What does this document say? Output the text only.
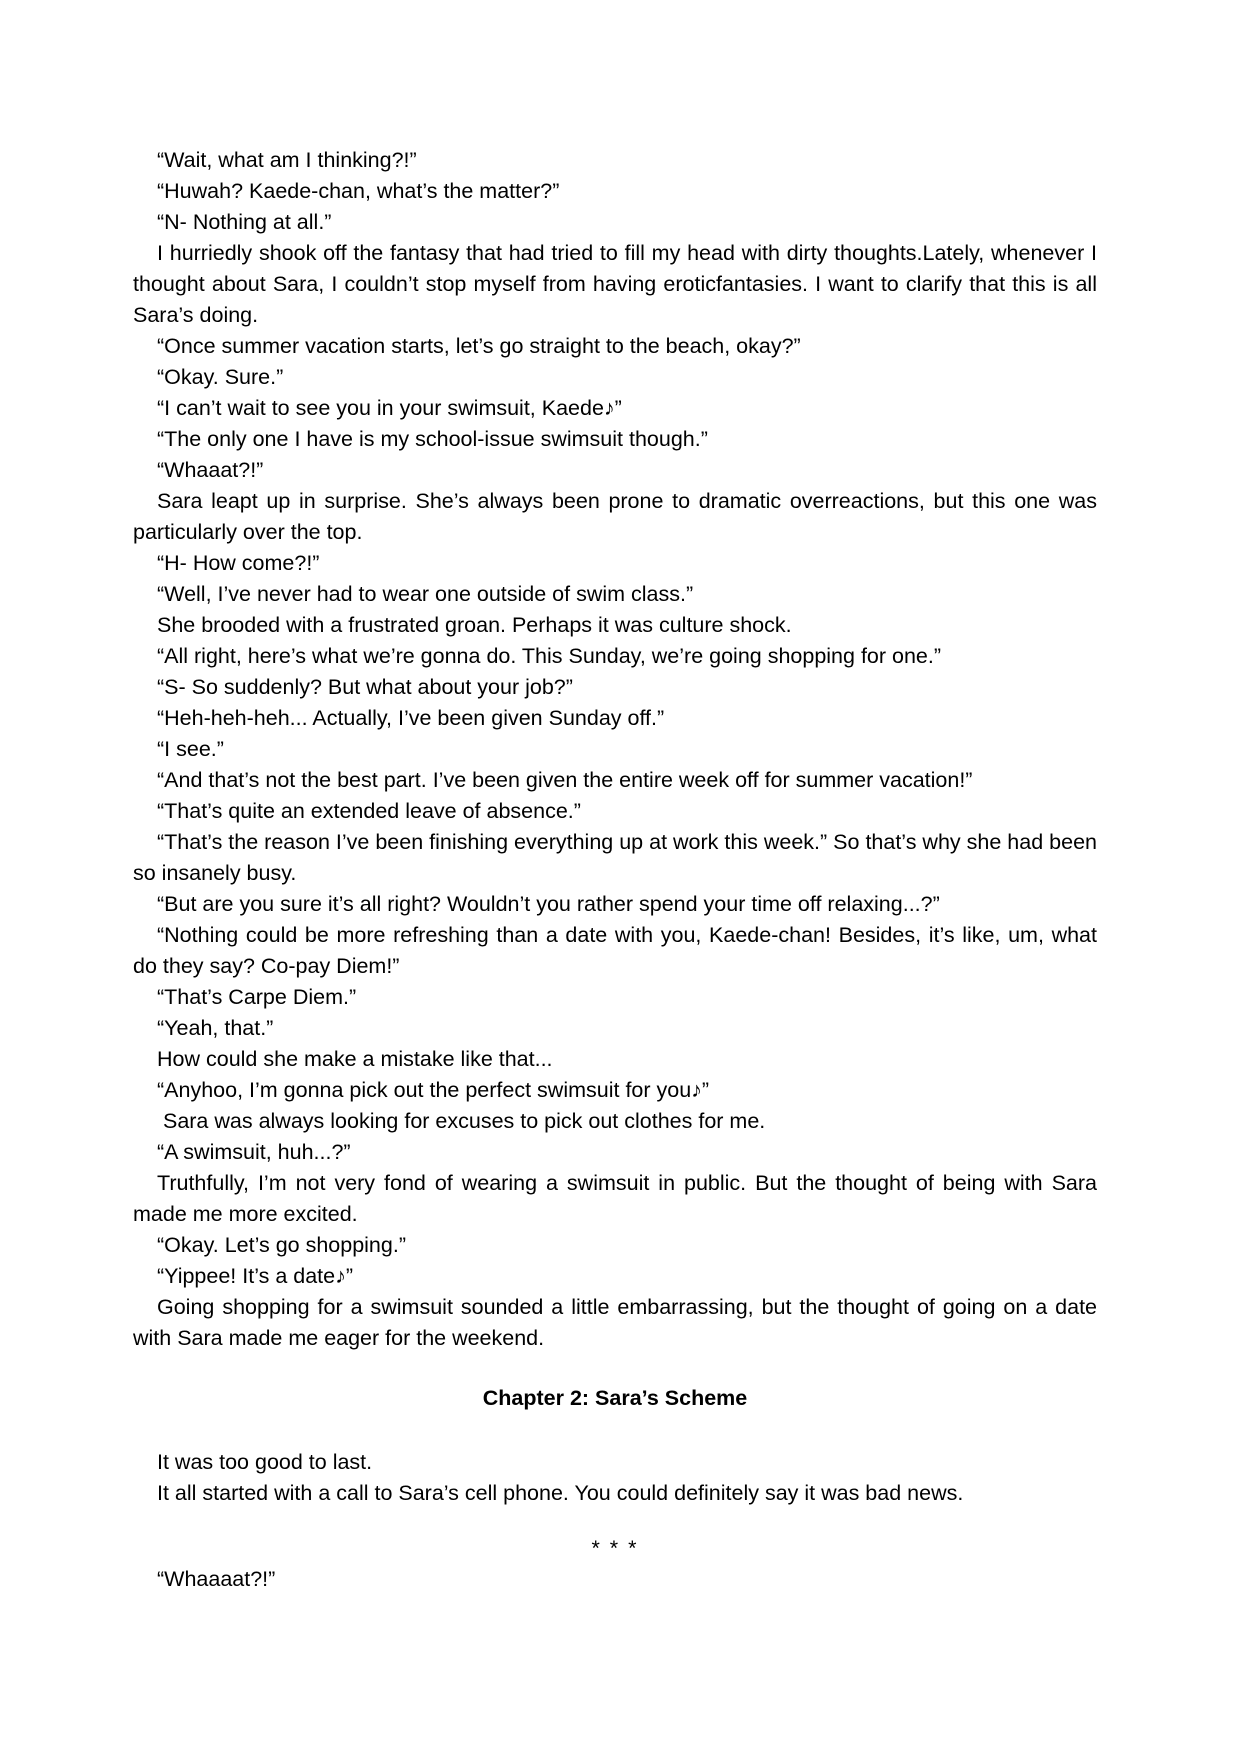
“Wait, what am I thinking?!”
“Huwah? Kaede-chan, what’s the matter?”
“N- Nothing at all.”
I hurriedly shook off the fantasy that had tried to fill my head with dirty thoughts.Lately, whenever I thought about Sara, I couldn’t stop myself from having eroticfantasies. I want to clarify that this is all Sara’s doing.
“Once summer vacation starts, let’s go straight to the beach, okay?”
“Okay. Sure.”
“I can’t wait to see you in your swimsuit, Kaede♪”
“The only one I have is my school-issue swimsuit though.”
“Whaaat?!”
Sara leapt up in surprise. She’s always been prone to dramatic overreactions, but this one was particularly over the top.
“H- How come?!”
“Well, I’ve never had to wear one outside of swim class.”
She brooded with a frustrated groan. Perhaps it was culture shock.
“All right, here’s what we’re gonna do. This Sunday, we’re going shopping for one.”
“S- So suddenly? But what about your job?”
“Heh-heh-heh... Actually, I’ve been given Sunday off.”
“I see.”
“And that’s not the best part. I’ve been given the entire week off for summer vacation!”
“That’s quite an extended leave of absence.”
“That’s the reason I’ve been finishing everything up at work this week.” So that’s why she had been so insanely busy.
“But are you sure it’s all right? Wouldn’t you rather spend your time off relaxing...?”
“Nothing could be more refreshing than a date with you, Kaede-chan! Besides, it’s like, um, what do they say? Co-pay Diem!”
“That’s Carpe Diem.”
“Yeah, that.”
How could she make a mistake like that...
“Anyhoo, I’m gonna pick out the perfect swimsuit for you♪”
Sara was always looking for excuses to pick out clothes for me.
“A swimsuit, huh...?”
Truthfully, I’m not very fond of wearing a swimsuit in public. But the thought of being with Sara made me more excited.
“Okay. Let’s go shopping.”
“Yippee! It’s a date♪”
Going shopping for a swimsuit sounded a little embarrassing, but the thought of going on a date with Sara made me eager for the weekend.
Chapter 2: Sara’s Scheme
It was too good to last.
It all started with a call to Sara’s cell phone. You could definitely say it was bad news.
* * *
“Whaaaat?!”
